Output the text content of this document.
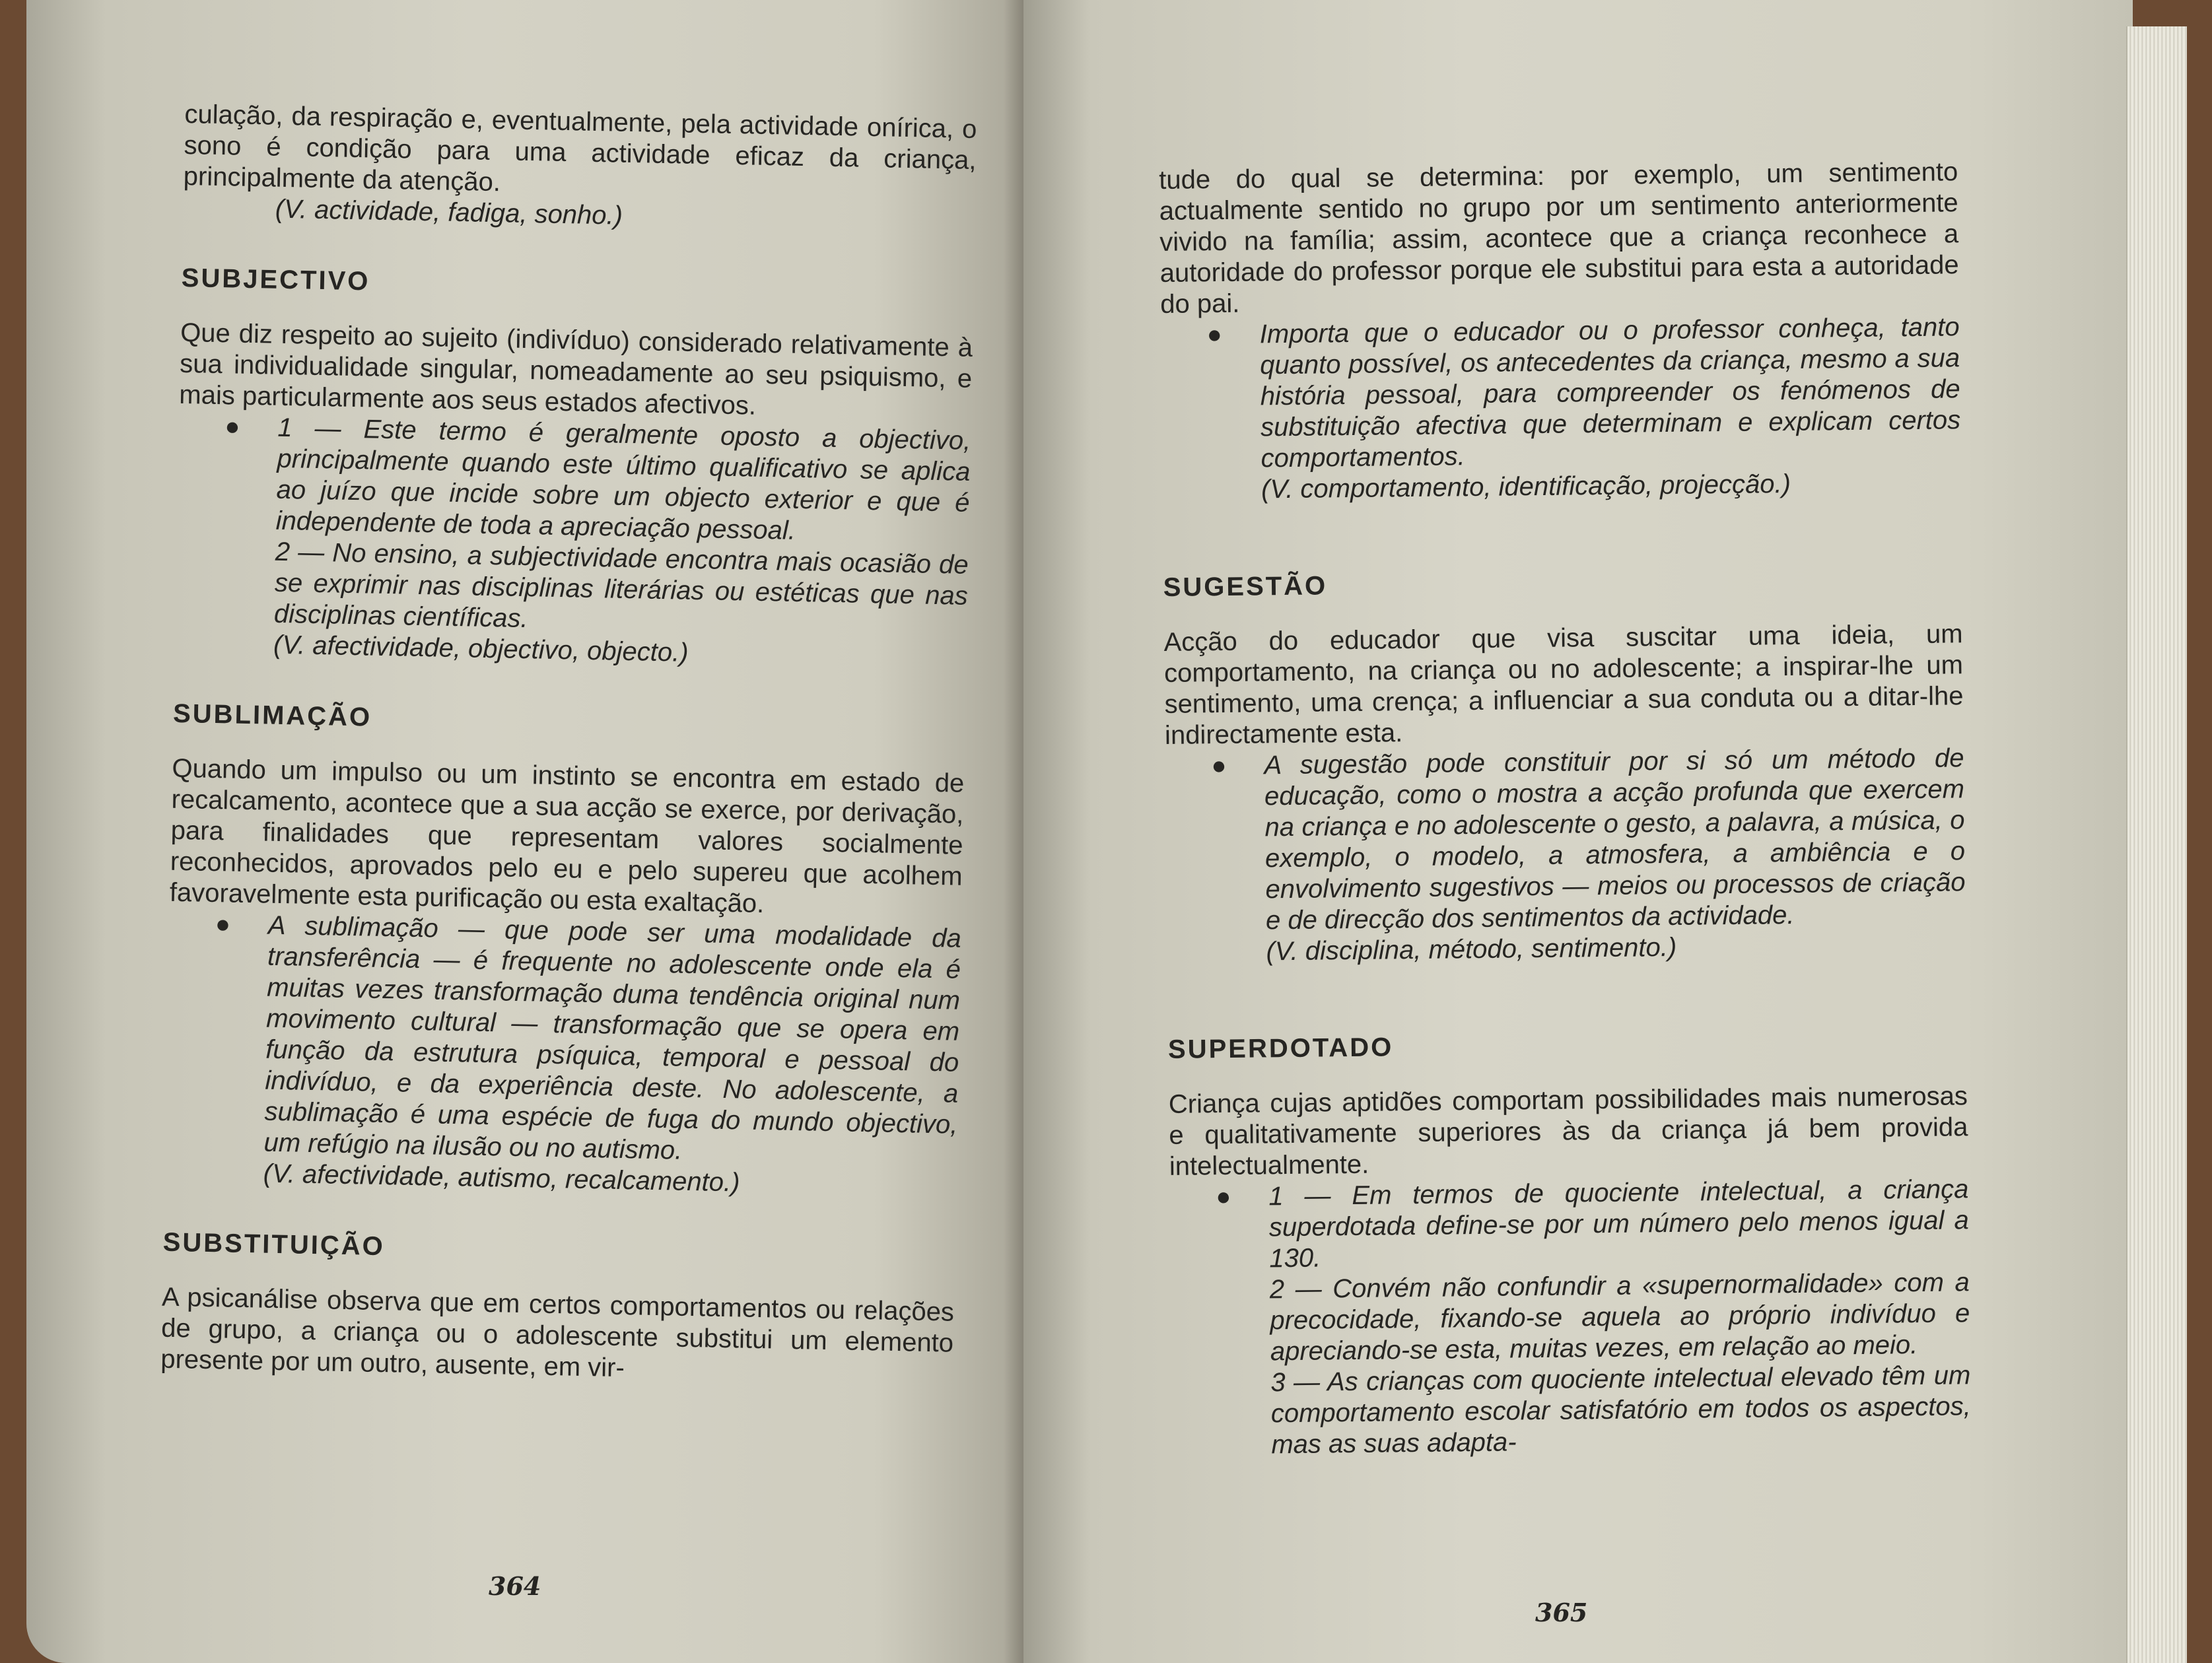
culação, da respiração e, eventualmente, pela actividade onírica, o sono é condição para uma actividade eficaz da criança, principalmente da atenção.

(V. actividade, fadiga, sonho.)

SUBJECTIVO

Que diz respeito ao sujeito (indivíduo) considerado relativamente à sua individualidade singular, nomeadamente ao seu psiquismo, e mais particularmente aos seus estados afectivos.

● 1 — Este termo é geralmente oposto a objectivo, principalmente quando este último qualificativo se aplica ao juízo que incide sobre um objecto exterior e que é independente de toda a apreciação pessoal.

2 — No ensino, a subjectividade encontra mais ocasião de se exprimir nas disciplinas literárias ou estéticas que nas disciplinas científicas.

(V. afectividade, objectivo, objecto.)

SUBLIMAÇÃO

Quando um impulso ou um instinto se encontra em estado de recalcamento, acontece que a sua acção se exerce, por derivação, para finalidades que representam valores socialmente reconhecidos, aprovados pelo eu e pelo supereu que acolhem favoravelmente esta purificação ou esta exaltação.

● A sublimação — que pode ser uma modalidade da transferência — é frequente no adolescente onde ela é muitas vezes transformação duma tendência original num movimento cultural — transformação que se opera em função da estrutura psíquica, temporal e pessoal do indivíduo, e da experiência deste. No adolescente, a sublimação é uma espécie de fuga do mundo objectivo, um refúgio na ilusão ou no autismo.

(V. afectividade, autismo, recalcamento.)

SUBSTITUIÇÃO

A psicanálise observa que em certos comportamentos ou relações de grupo, a criança ou o adolescente substitui um elemento presente por um outro, ausente, em vir-

364

tude do qual se determina: por exemplo, um sentimento actualmente sentido no grupo por um sentimento anteriormente vivido na família; assim, acontece que a criança reconhece a autoridade do professor porque ele substitui para esta a autoridade do pai.

● Importa que o educador ou o professor conheça, tanto quanto possível, os antecedentes da criança, mesmo a sua história pessoal, para compreender os fenómenos de substituição afectiva que determinam e explicam certos comportamentos.

(V. comportamento, identificação, projecção.)

SUGESTÃO

Acção do educador que visa suscitar uma ideia, um comportamento, na criança ou no adolescente; a inspirar-lhe um sentimento, uma crença; a influenciar a sua conduta ou a ditar-lhe indirectamente esta.

● A sugestão pode constituir por si só um método de educação, como o mostra a acção profunda que exercem na criança e no adolescente o gesto, a palavra, a música, o exemplo, o modelo, a atmosfera, a ambiência e o envolvimento sugestivos — meios ou processos de criação e de direcção dos sentimentos da actividade.

(V. disciplina, método, sentimento.)

SUPERDOTADO

Criança cujas aptidões comportam possibilidades mais numerosas e qualitativamente superiores às da criança já bem provida intelectualmente.

● 1 — Em termos de quociente intelectual, a criança superdotada define-se por um número pelo menos igual a 130.

2 — Convém não confundir a «supernormalidade» com a precocidade, fixando-se aquela ao próprio indivíduo e apreciando-se esta, muitas vezes, em relação ao meio.

3 — As crianças com quociente intelectual elevado têm um comportamento escolar satisfatório em todos os aspectos, mas as suas adapta-

365
